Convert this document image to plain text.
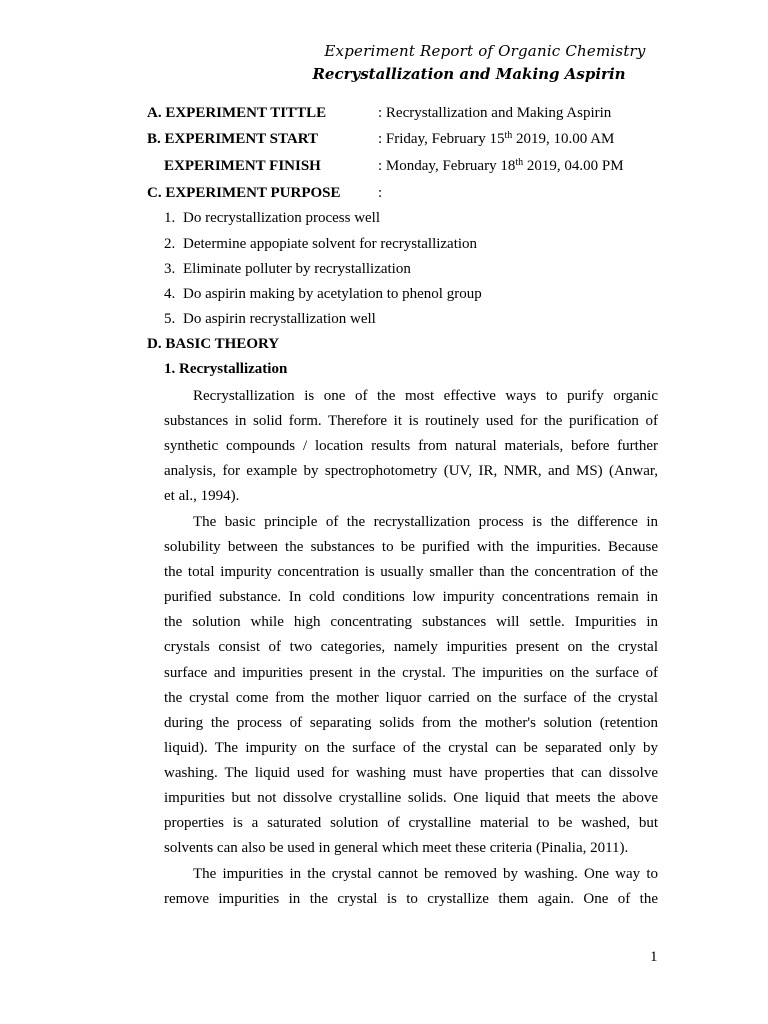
Experiment Report of Organic Chemistry
Recrystallization and Making Aspirin
A. EXPERIMENT TITTLE	: Recrystallization and Making Aspirin
B. EXPERIMENT START	: Friday, February 15th 2019, 10.00 AM
EXPERIMENT FINISH	: Monday, February 18th 2019, 04.00 PM
C. EXPERIMENT PURPOSE	:
1. Do recrystallization process well
2. Determine appopiate solvent for recrystallization
3. Eliminate polluter by recrystallization
4. Do aspirin making by acetylation to phenol group
5. Do aspirin recrystallization well
D. BASIC THEORY
1. Recrystallization
Recrystallization is one of the most effective ways to purify organic
substances in solid form. Therefore it is routinely used for the purification of
synthetic compounds / location results from natural materials, before further
analysis, for example by spectrophotometry (UV, IR, NMR, and MS) (Anwar,
et al., 1994).
The basic principle of the recrystallization process is the difference in
solubility between the substances to be purified with the impurities. Because
the total impurity concentration is usually smaller than the concentration of the
purified substance. In cold conditions low impurity concentrations remain in
the solution while high concentrating substances will settle. Impurities in
crystals consist of two categories, namely impurities present on the crystal
surface and impurities present in the crystal. The impurities on the surface of
the crystal come from the mother liquor carried on the surface of the crystal
during the process of separating solids from the mother's solution (retention
liquid). The impurity on the surface of the crystal can be separated only by
washing. The liquid used for washing must have properties that can dissolve
impurities but not dissolve crystalline solids. One liquid that meets the above
properties is a saturated solution of crystalline material to be washed, but
solvents can also be used in general which meet these criteria (Pinalia, 2011).
The impurities in the crystal cannot be removed by washing. One way to
remove impurities in the crystal is to crystallize them again. One of the
1
